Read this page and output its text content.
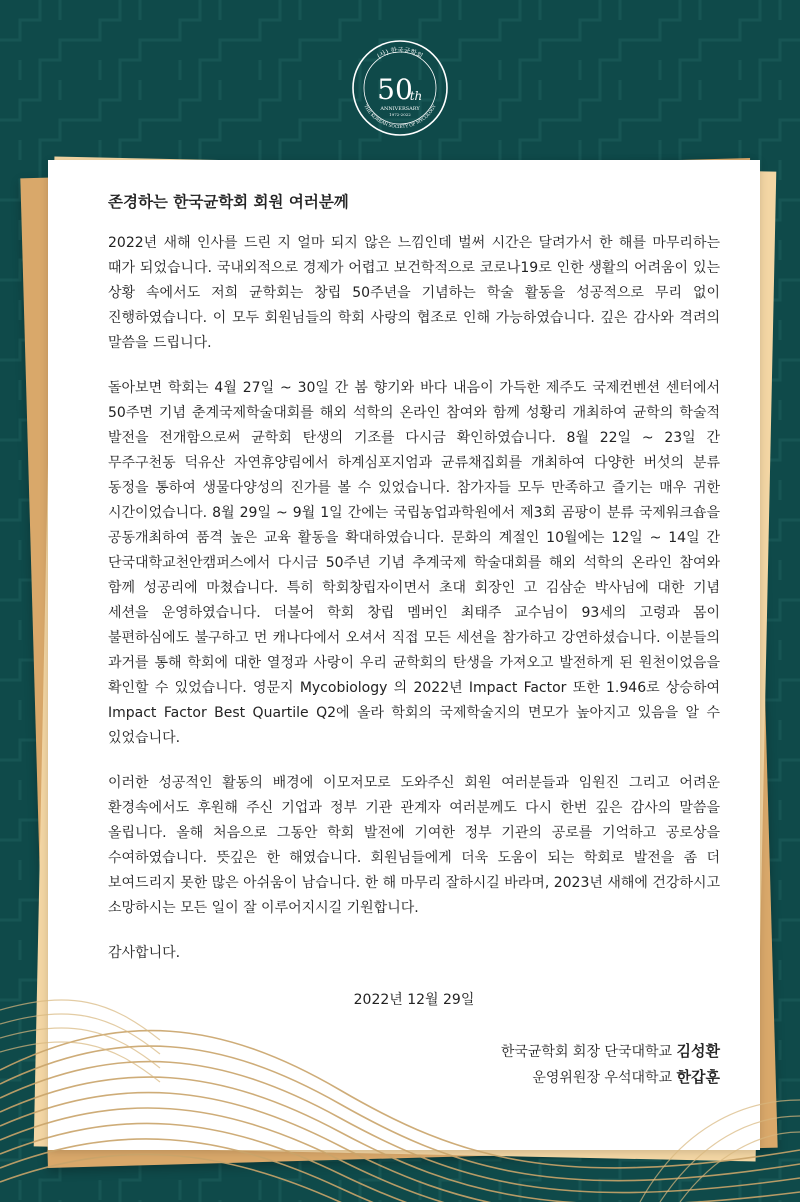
(사) 한국균학회
THE KOREAN SOCIETY OF MYCOLOGY
50
th
ANNIVERSARY
1972-2022

존경하는 한국균학회 회원 여러분께

2022년 새해 인사를 드린 지 얼마 되지 않은 느낌인데 벌써 시간은 달려가서 한 해를 마무리하는 때가 되었습니다. 국내외적으로 경제가 어렵고 보건학적으로 코로나19로 인한 생활의 어려움이 있는 상황 속에서도 저희 균학회는 창립 50주년을 기념하는 학술 활동을 성공적으로 무리 없이 진행하였습니다. 이 모두 회원님들의 학회 사랑의 협조로 인해 가능하였습니다. 깊은 감사와 격려의 말씀을 드립니다.

돌아보면 학회는 4월 27일 ~ 30일 간 봄 향기와 바다 내음이 가득한 제주도 국제컨벤션 센터에서 50주면 기념 춘계국제학술대회를 해외 석학의 온라인 참여와 함께 성황리 개최하여 균학의 학술적 발전을 전개함으로써 균학회 탄생의 기조를 다시금 확인하였습니다. 8월 22일 ~ 23일 간 무주구천동 덕유산 자연휴양림에서 하계심포지엄과 균류채집회를 개최하여 다양한 버섯의 분류 동정을 통하여 생물다양성의 진가를 볼 수 있었습니다. 참가자들 모두 만족하고 즐기는 매우 귀한 시간이었습니다. 8월 29일 ~ 9월 1일 간에는 국립농업과학원에서 제3회 곰팡이 분류 국제워크숍을 공동개최하여 품격 높은 교육 활동을 확대하였습니다. 문화의 계절인 10월에는 12일 ~ 14일 간 단국대학교천안캠퍼스에서 다시금 50주년 기념 추계국제 학술대회를 해외 석학의 온라인 참여와 함께 성공리에 마쳤습니다. 특히 학회창립자이면서 초대 회장인 고 김삼순 박사님에 대한 기념 세션을 운영하였습니다. 더불어 학회 창립 멤버인 최태주 교수님이 93세의 고령과 몸이 불편하심에도 불구하고 먼 캐나다에서 오셔서 직접 모든 세션을 참가하고 강연하셨습니다. 이분들의 과거를 통해 학회에 대한 열정과 사랑이 우리 균학회의 탄생을 가져오고 발전하게 된 원천이었음을 확인할 수 있었습니다. 영문지 Mycobiology 의 2022년 Impact Factor 또한 1.946로 상승하여 Impact Factor Best Quartile Q2에 올라 학회의 국제학술지의 면모가 높아지고 있음을 알 수 있었습니다.

이러한 성공적인 활동의 배경에 이모저모로 도와주신 회원 여러분들과 임원진 그리고 어려운 환경속에서도 후원해 주신 기업과 정부 기관 관계자 여러분께도 다시 한번 깊은 감사의 말씀을 올립니다. 올해 처음으로 그동안 학회 발전에 기여한 정부 기관의 공로를 기억하고 공로상을 수여하였습니다. 뜻깊은 한 해였습니다. 회원님들에게 더욱 도움이 되는 학회로 발전을 좀 더 보여드리지 못한 많은 아쉬움이 남습니다. 한 해 마무리 잘하시길 바라며, 2023년 새해에 건강하시고 소망하시는 모든 일이 잘 이루어지시길 기원합니다.

감사합니다.

2022년 12월 29일

한국균학회 회장 단국대학교 김성환

운영위원장 우석대학교 한갑훈
